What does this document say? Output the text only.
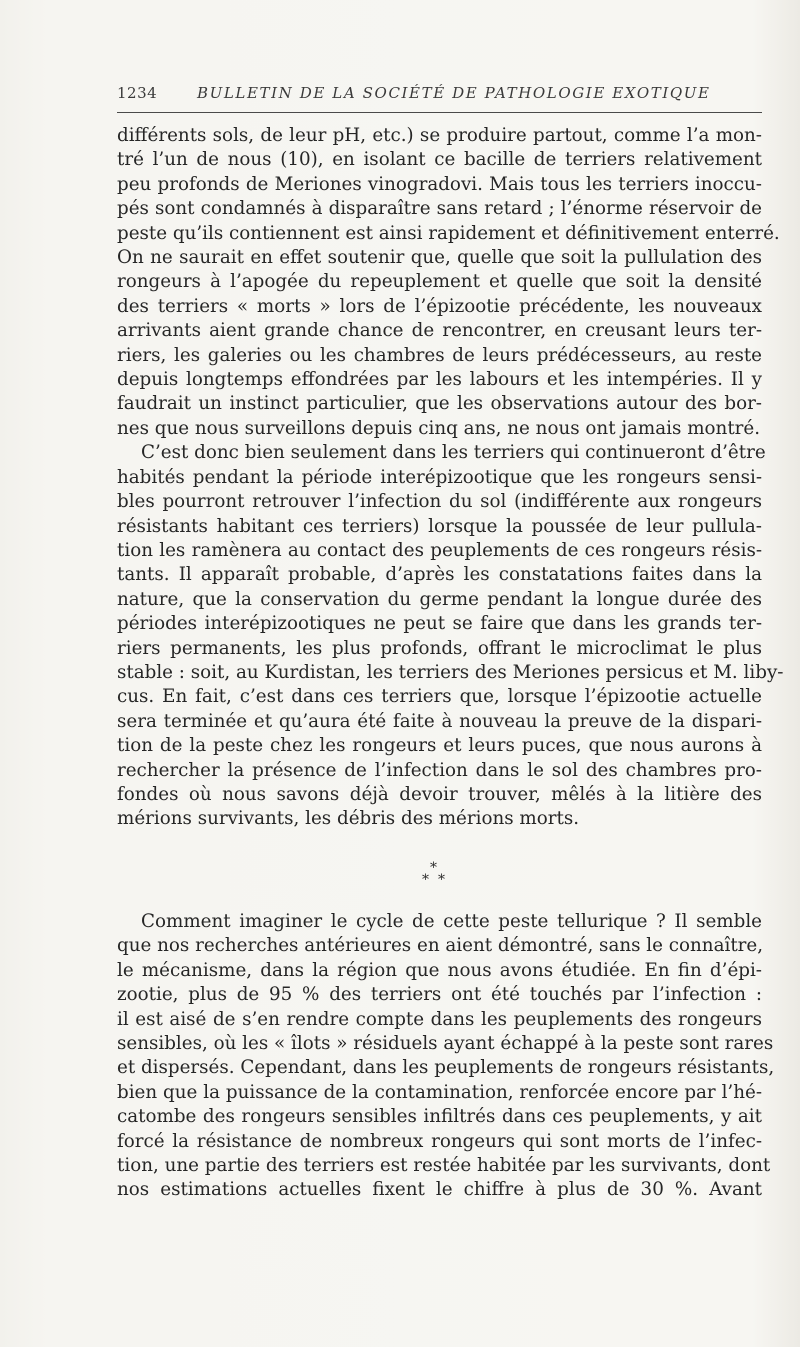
1234	BULLETIN DE LA SOCIÉTÉ DE PATHOLOGIE EXOTIQUE

différents sols, de leur pH, etc.) se produire partout, comme l’a mon-

tré l’un de nous (10), en isolant ce bacille de terriers relativement

peu profonds de Meriones vinogradovi. Mais tous les terriers inoccu-

pés sont condamnés à disparaître sans retard ; l’énorme réservoir de

peste qu’ils contiennent est ainsi rapidement et définitivement enterré.

On ne saurait en effet soutenir que, quelle que soit la pullulation des

rongeurs à l’apogée du repeuplement et quelle que soit la densité

des terriers « morts » lors de l’épizootie précédente, les nouveaux

arrivants aient grande chance de rencontrer, en creusant leurs ter-

riers, les galeries ou les chambres de leurs prédécesseurs, au reste

depuis longtemps effondrées par les labours et les intempéries. Il y

faudrait un instinct particulier, que les observations autour des bor-

nes que nous surveillons depuis cinq ans, ne nous ont jamais montré.

C’est donc bien seulement dans les terriers qui continueront d’être

habités pendant la période interépizootique que les rongeurs sensi-

bles pourront retrouver l’infection du sol (indifférente aux rongeurs

résistants habitant ces terriers) lorsque la poussée de leur pullula-

tion les ramènera au contact des peuplements de ces rongeurs résis-

tants. Il apparaît probable, d’après les constatations faites dans la

nature, que la conservation du germe pendant la longue durée des

périodes interépizootiques ne peut se faire que dans les grands ter-

riers permanents, les plus profonds, offrant le microclimat le plus

stable : soit, au Kurdistan, les terriers des Meriones persicus et M. liby-

cus. En fait, c’est dans ces terriers que, lorsque l’épizootie actuelle

sera terminée et qu’aura été faite à nouveau la preuve de la dispari-

tion de la peste chez les rongeurs et leurs puces, que nous aurons à

rechercher la présence de l’infection dans le sol des chambres pro-

fondes où nous savons déjà devoir trouver, mêlés à la litière des

mérions survivants, les débris des mérions morts.

*
* *

Comment imaginer le cycle de cette peste tellurique ? Il semble

que nos recherches antérieures en aient démontré, sans le connaître,

le mécanisme, dans la région que nous avons étudiée. En fin d’épi-

zootie, plus de 95 % des terriers ont été touchés par l’infection :

il est aisé de s’en rendre compte dans les peuplements des rongeurs

sensibles, où les « îlots » résiduels ayant échappé à la peste sont rares

et dispersés. Cependant, dans les peuplements de rongeurs résistants,

bien que la puissance de la contamination, renforcée encore par l’hé-

catombe des rongeurs sensibles infiltrés dans ces peuplements, y ait

forcé la résistance de nombreux rongeurs qui sont morts de l’infec-

tion, une partie des terriers est restée habitée par les survivants, dont

nos estimations actuelles fixent le chiffre à plus de 30 %. Avant
